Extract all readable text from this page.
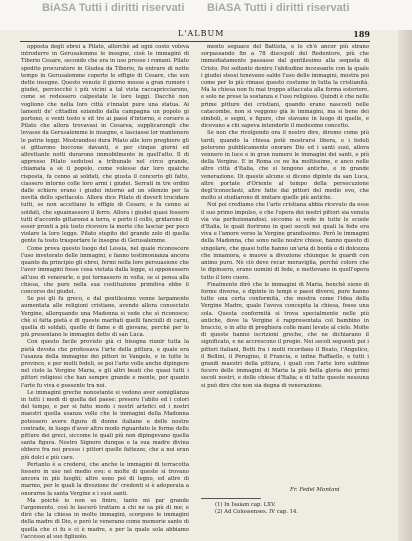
BiASA Tutti i diritti riservati BiASA Tutti i diritti riservati
L'ALBUM	189

opposta degli ebrei a Pilato, allorchè ad ogni costo voleva introdurre in Gerusalemme le insegne, cioè le immagini di Tiberio Cesare, secondo che era in uso presso i romani. Pilato spedito procuratore in Giudea da Tiberio, fa entrare di notte tempo in Gerusalemme coperte le effigie di Cesare, che son dette insegne. Questo venuto il giorno mosse a gran rumore i giudei, perciocchè i più vicini a tal vista raccapricciarono, come se redessero calpestate le loro leggi. Dacchè non vogliono che nella loro città s'innalzi pure una statua. Ai lamenti de' cittadini eziandio dalla campagna un popolo gi portono, e venti tosto e sit tre ai paesi d'intorno, e corsero a Pilato che allora trovavasi in Cesarea, supplicarongli che levasse da Gerusalemme le insegne, e lasciasse lor mantenere le patrie leggi. Mostrandosi dura Pilato alle loro preghiere gli si gittarono boccone davanti, e per cinque giorni ed altrettante notti durarono immobilmente in quell'atto. Il di appresso Pilato sedutosi a tribunale nel circo grande, chiamata a sè il popolo, come volesse dar loro qualche risposta, fa cenno ai soldati, che giusta il concerto gli fatto, ciassero intorno colle loro armi i giudei. Serrati in tre ordini dalle schiere erano i giudei intorno ad un silenzio per la novità dello spettacolo. Allora dice Pilato di doverli trucidare tutti, se non accettano le effigie di Cesare, e fa cenno ai soldati, che sguainassero il ferro. Allora i giudei quasi fossero tutti d'accordo gittaronsi a terra, e porto il collo, gridarono di esser pronti a più tosto ricevere la morte che lasciar per poco violare la loro legge. Pilato stupito del grande zelo di quella gente fa tosto trasportare le insegne di Gerusalemme.

Come prova questo luogo del Lessia, nel quale riconoscere l'uso inveterato delle immagini, e fanno testimonianza ancora quanto da principio gli ebrei, fermi nella loro persuasione che l'aver immagini fosse cosa vietata dalla legge, si opponessero all'uso di venerarle, e poi tornassero in volta, se si pensa alla chiesa, che pure nella sua costituzione primitiva ebbe il concorso dei giudei.

Se poi gli fu greco, e dal gentilesimo venne largamente aumentata alle religioni cristiane, avendo allora conosciuto Vergine, allorquando una Madonna si vede che sì riconosce; chè sì fatta pietà e di queste maritati quelli fanciulli di carni, quella di soldati, quelle di fame e di giovane, perchè per lo più presentano le immagini dette di san Luca.

Con questo facile provisto già ci bisogna riunir tutta la pietà devota che professava l'arte della pittura, e quale era l'usanza della immagine dei pittori in Vangelo, e in tutte le province, e per molti fedeli, se poi l'arte volle anche dipingere nel cielo la Vergine Maria, e gli altri beati che quasi tutti i pittori religiosi che han sempre grande e mente, per quanto l'arte fu viva e possente tra noi.

Le immagini greche nonostante si vedono aver somiglianza in tutti i modi di quella del paese: presero l'abito ed i colori del tempo, e per si fatto modo i nostri artefici ed i nostri maestri quella usanza volle che le immagini della Madonna potessero avere figura di donne italiane e delle nostre contrade, in luogo d'aver altro modo riguardato le forme delle pitture dei greci, siccome le quali più non dipingevano quella santa figura. Nostro Signore dunque e la sua madre divina ebbero fra noi presso i pittori quelle fattezze, che a noi eran più dolci e più care.

Pertanto è a credersi, che anche le immagini di terracotta fossero in uso nel medio evo; e molte di queste si trovano ancora in più luoghi; altre sono poi di legno, ed altre di marmo, per le quali la divozione de' credenti si è adoperata a onorarne la santa Vergine e i suoi santi.

Ma poichè io non so finire, tanto mi par grande l'argomento, così lo lascerò trattare a chi ne sa più di me; e dirò che la chiesa in molte immagini, scorgono le immagini della madre di Dio, e però le venerano come memorie sante di quella che ci fu e ci è madre, e per la quale sola abbiamo l'accesso al suo figliuolo.

mento seguace del Battista, e lo ch'è ancor più strano sorpassando fin a 78 discepoli del Redentore, più che immediatamente passasse dal gentilesimo alla sequela di Cristo. Poi soltanto dentro l'abitudine incessante con la quale i giudei stessi tenevano saldo l'uso delle immagini, mostra poi come per lo più rimase questo costume in tutta la cristianità. Ma la chiesa non fu mai troppo attaccata alla forma esteriore, e solo ne prese la sostanza e l'uso religioso. Quindi è che nelle prime pitture dei cristiani, quando erano nascosti nelle catacombe, non si veggono già le immagini, ma si bene dei simboli, e segni, e figure, che stavano in luogo di quelle, e dicevano a chi sapeva intenderle il medesimo concetto.

Se non che rivolgendo ora il nostro dire, diremo come più tardi, quando la chiesa potè mostrarsi libera, e i fedeli poterono pubblicamente onorare Dio ed i santi suoi, allora vennero in luce e in gran numero le immagini dei santi, e più della Vergine. E in Roma ce ne ha moltissime, e anco nelle altre città d'Italia, che si tengono antiche, e in grande venerazione. Di queste alcune si dicono dipinte da san Luca, altre portate d'Oriente al tempo della persecuzione degl'iconoclasti, altre fatte dai pittori del medio evo, che molto si studiarono di imitare quelle più antiche.

Noi poi crediamo che l'arte cristiana abbia ricevuto da esse il suo primo impulso, e che l'opera dei nostri pittori sia venuta via via perfezionandosi, siccome si vede in tutte le scuole d'Italia, le quali fiorirono in quei secoli nei quali la fede era viva e l'amore verso la Vergine grandissimo. Però le immagini della Madonna, che sono nelle nostre chiese, hanno questo di singolare, che quasi tutte hanno un'aria di bontà e di dolcezza che innamora, e muove a divozione chiunque le guardi con animo puro. Nè ciò deve recar meraviglia, perchè coloro che le dipinsero, erano uomini di fede, e mettevano in quell'opera tutto il loro cuore.

Finalmente dirò che le immagini di Maria, benchè sieno di forme diverse, e dipinte in tempi e paesi diversi, pure hanno tutte una certa conformità, che mostra come l'idea della Vergine Madre, quale l'aveva concepita la chiesa, fosse una sola. Questa conformità si trova specialmente nelle più antiche, dove la Vergine è rappresentata col bambino in braccio, o in atto di preghiera colle mani levate al cielo. Molte di queste hanno iscrizioni greche, che ne dichiarano il significato, e ne accrescono il pregio. Nei secoli seguenti poi i pittori italiani, Botti fra i molti ricordano il Beato, l'Angelico, il Bellini, il Perugino, il Francia, e infine Raffaello, e tutti i grandi maestri della pittura, i quali con l'arte loro sublime fecero delle immagini di Maria la più bella gloria dei primi secoli nostri, e delle chiese d'Italia; e di tutte queste nessuna si può dire che non sia degna di venerazione.

Fr. Fedel Montani
(1) In Isaiam cap. LXV.
(2) Ad Colossenses. IV cap. 14.
